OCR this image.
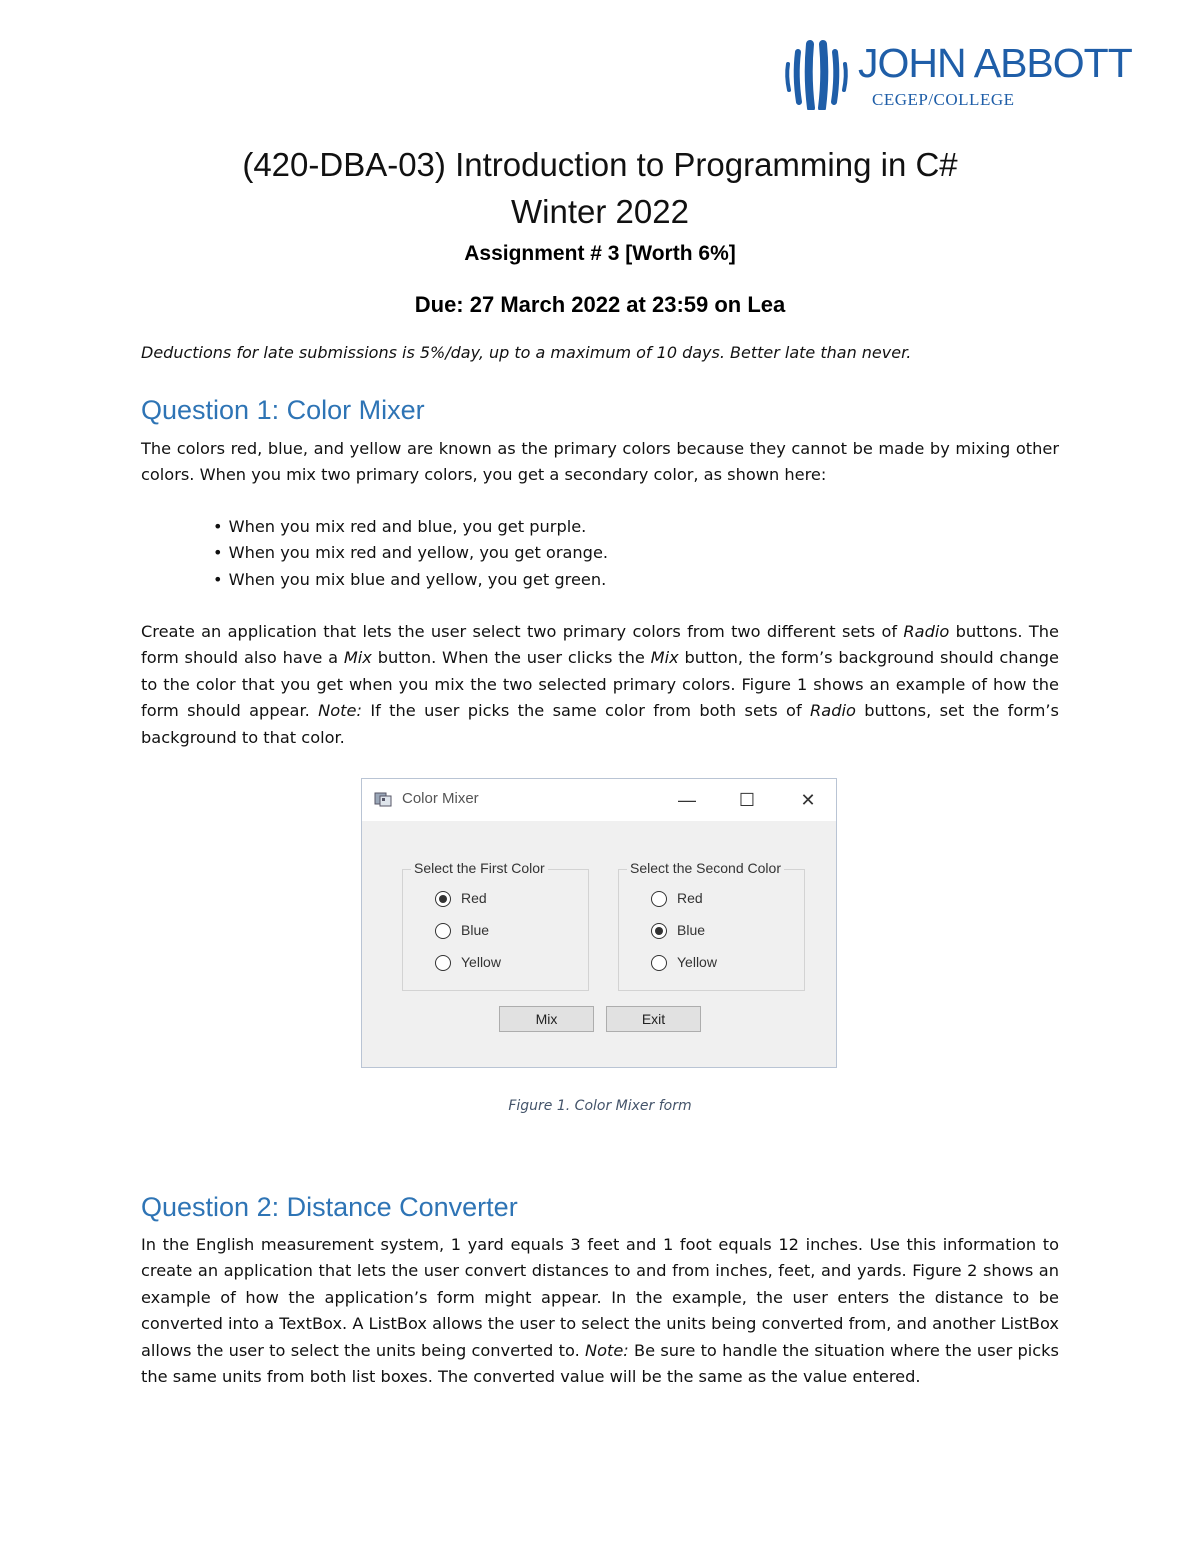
JOHN ABBOTT
CEGEP/COLLEGE
(420-DBA-03) Introduction to Programming in C#
Winter 2022
Assignment # 3 [Worth 6%]
Due: 27 March 2022 at 23:59 on Lea
Deductions for late submissions is 5%/day, up to a maximum of 10 days. Better late than never.
Question 1: Color Mixer
The colors red, blue, and yellow are known as the primary colors because they cannot be made by mixing other colors. When you mix two primary colors, you get a secondary color, as shown here:
• When you mix red and blue, you get purple.
• When you mix red and yellow, you get orange.
• When you mix blue and yellow, you get green.
Create an application that lets the user select two primary colors from two different sets of Radio buttons. The form should also have a Mix button. When the user clicks the Mix button, the form’s background should change to the color that you get when you mix the two selected primary colors. Figure 1 shows an example of how the form should appear. Note: If the user picks the same color from both sets of Radio buttons, set the form’s background to that color.
Color Mixer	—	☐	✕
Select the First Color
Red
Blue
Yellow
Select the Second Color
Red
Blue
Yellow
Mix	Exit
Figure 1. Color Mixer form
Question 2: Distance Converter
In the English measurement system, 1 yard equals 3 feet and 1 foot equals 12 inches. Use this information to create an application that lets the user convert distances to and from inches, feet, and yards. Figure 2 shows an example of how the application’s form might appear. In the example, the user enters the distance to be converted into a TextBox. A ListBox allows the user to select the units being converted from, and another ListBox allows the user to select the units being converted to. Note: Be sure to handle the situation where the user picks the same units from both list boxes. The converted value will be the same as the value entered.
